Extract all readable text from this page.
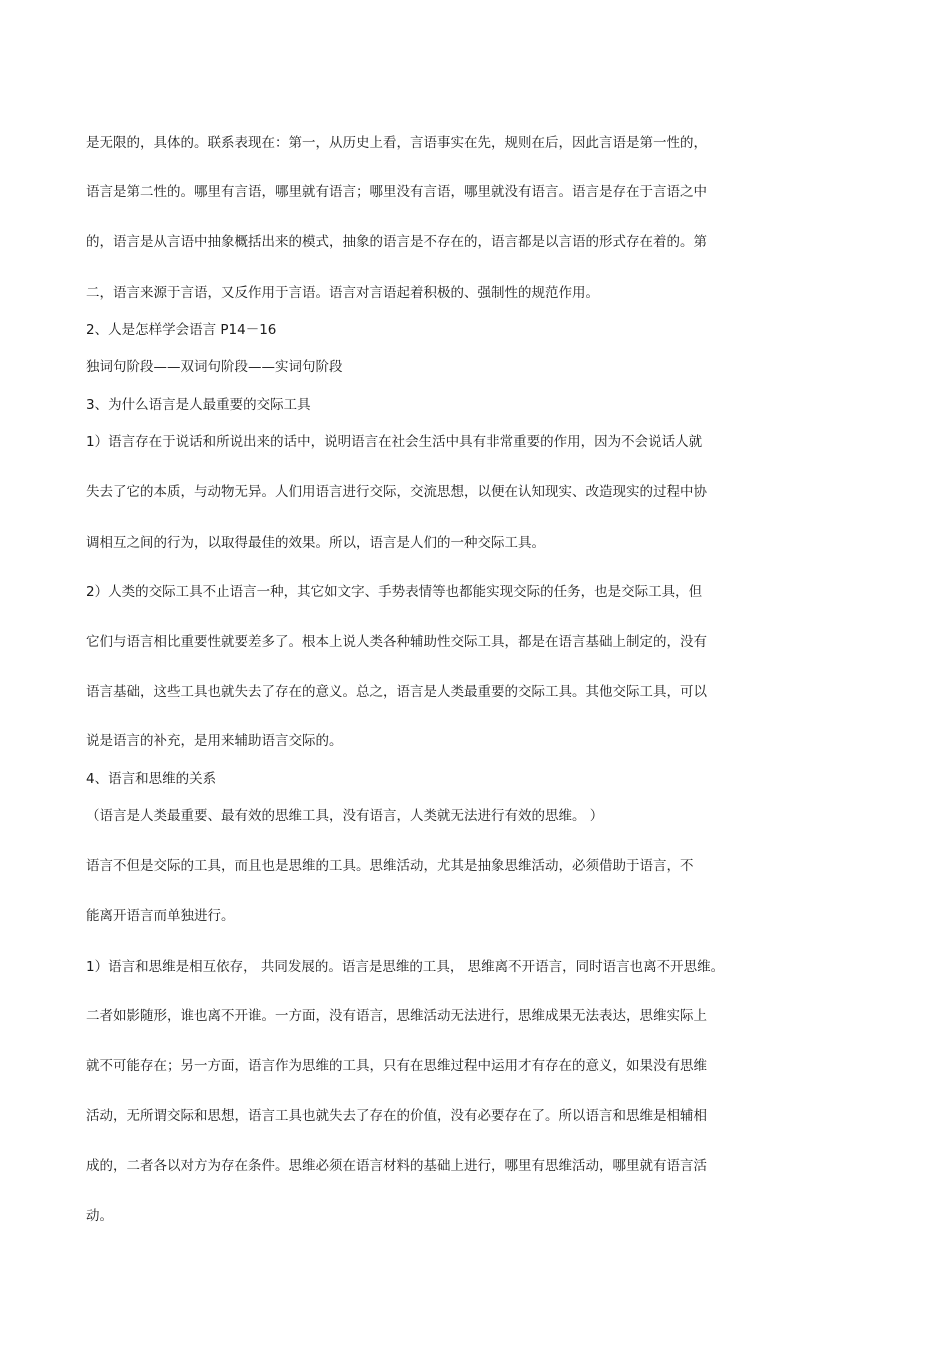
是无限的，具体的。联系表现在：第一，从历史上看，言语事实在先，规则在后，因此言语是第一性的，
语言是第二性的。哪里有言语，哪里就有语言；哪里没有言语，哪里就没有语言。语言是存在于言语之中
的，语言是从言语中抽象概括出来的模式，抽象的语言是不存在的，语言都是以言语的形式存在着的。第
二，语言来源于言语，又反作用于言语。语言对言语起着积极的、强制性的规范作用。
2、人是怎样学会语言 P14－16
独词句阶段——双词句阶段——实词句阶段
3、为什么语言是人最重要的交际工具
1）语言存在于说话和所说出来的话中，说明语言在社会生活中具有非常重要的作用，因为不会说话人就
失去了它的本质，与动物无异。人们用语言进行交际，交流思想，以便在认知现实、改造现实的过程中协
调相互之间的行为，以取得最佳的效果。所以，语言是人们的一种交际工具。
2）人类的交际工具不止语言一种，其它如文字、手势表情等也都能实现交际的任务，也是交际工具，但
它们与语言相比重要性就要差多了。根本上说人类各种辅助性交际工具，都是在语言基础上制定的，没有
语言基础，这些工具也就失去了存在的意义。总之，语言是人类最重要的交际工具。其他交际工具，可以
说是语言的补充，是用来辅助语言交际的。
4、语言和思维的关系
（语言是人类最重要、最有效的思维工具，没有语言，人类就无法进行有效的思维。 ）
语言不但是交际的工具，而且也是思维的工具。思维活动，尤其是抽象思维活动，必须借助于语言，不
能离开语言而单独进行。
1）语言和思维是相互依存， 共同发展的。语言是思维的工具， 思维离不开语言，同时语言也离不开思维。
二者如影随形，谁也离不开谁。一方面，没有语言，思维活动无法进行，思维成果无法表达，思维实际上
就不可能存在；另一方面，语言作为思维的工具，只有在思维过程中运用才有存在的意义，如果没有思维
活动，无所谓交际和思想，语言工具也就失去了存在的价值，没有必要存在了。所以语言和思维是相辅相
成的，二者各以对方为存在条件。思维必须在语言材料的基础上进行，哪里有思维活动，哪里就有语言活
动。
